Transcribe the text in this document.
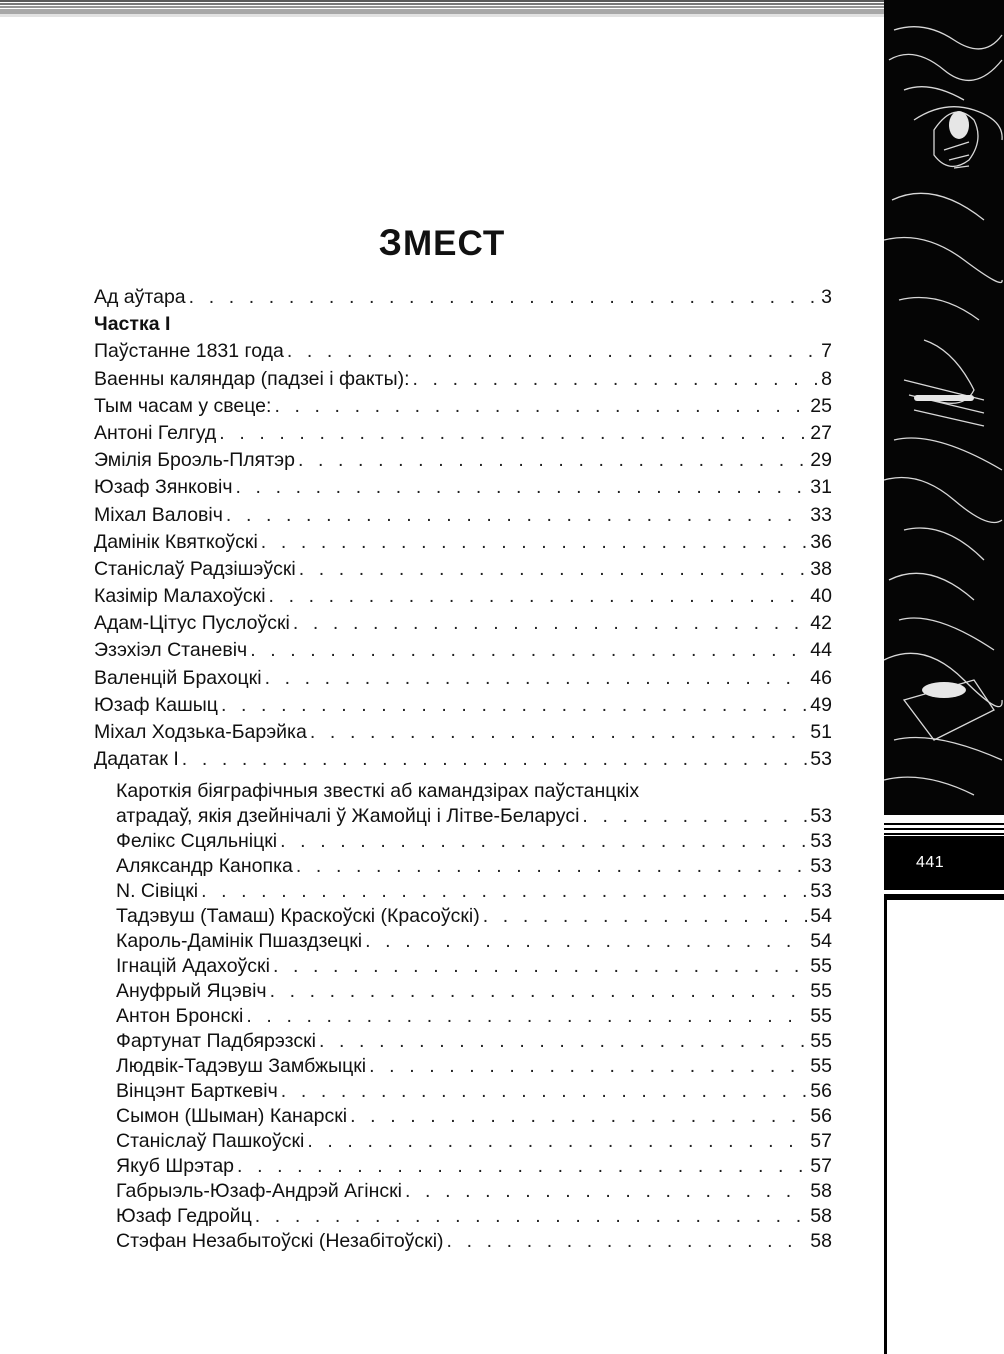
441
ЗМЕСТ
Ад аўтара . . .	3
Частка І
Паўстанне 1831 года . . .	7
Ваенны каляндар (падзеі і факты): . . .	8
Тым часам у свеце: . . .	25
Антоні Гелгуд . . .	27
Эмілія Броэль-Плятэр . . .	29
Юзаф Зянковіч . . .	31
Міхал Валовіч . . .	33
Дамінік Квяткоўскі . . .	36
Станіслаў Радзішэўскі . . .	38
Казімір Малахоўскі . . .	40
Адам-Цітус Пуслоўскі . . .	42
Эзэхіэл Станевіч . . .	44
Валенцій Брахоцкі . . .	46
Юзаф Кашыц . . .	49
Міхал Ходзька-Барэйка . . .	51
Дадатак І . . .	53
Кароткія біяграфічныя звесткі аб камандзірах паўстанцкіх
атрадаў, якія дзейнічалі ў Жамойці і Літве-Беларусі . . .	53
Фелікс Сцяльніцкі . . .	53
Аляксандр Канопка . . .	53
N. Сівіцкі . . .	53
Тадэвуш (Тамаш) Краскоўскі (Красоўскі) . . .	54
Кароль-Дамінік Пшаздзецкі . . .	54
Ігнацій Адахоўскі . . .	55
Ануфрый Яцэвіч . . .	55
Антон Бронскі . . .	55
Фартунат Падбярэзскі . . .	55
Людвік-Тадэвуш Замбжыцкі . . .	55
Вінцэнт Барткевіч . . .	56
Сымон (Шыман) Канарскі . . .	56
Станіслаў Пашкоўскі . . .	57
Якуб Шрэтар . . .	57
Габрыэль-Юзаф-Андрэй Агінскі . . .	58
Юзаф Гедройц . . .	58
Стэфан Незабытоўскі (Незабітоўскі) . . .	58
